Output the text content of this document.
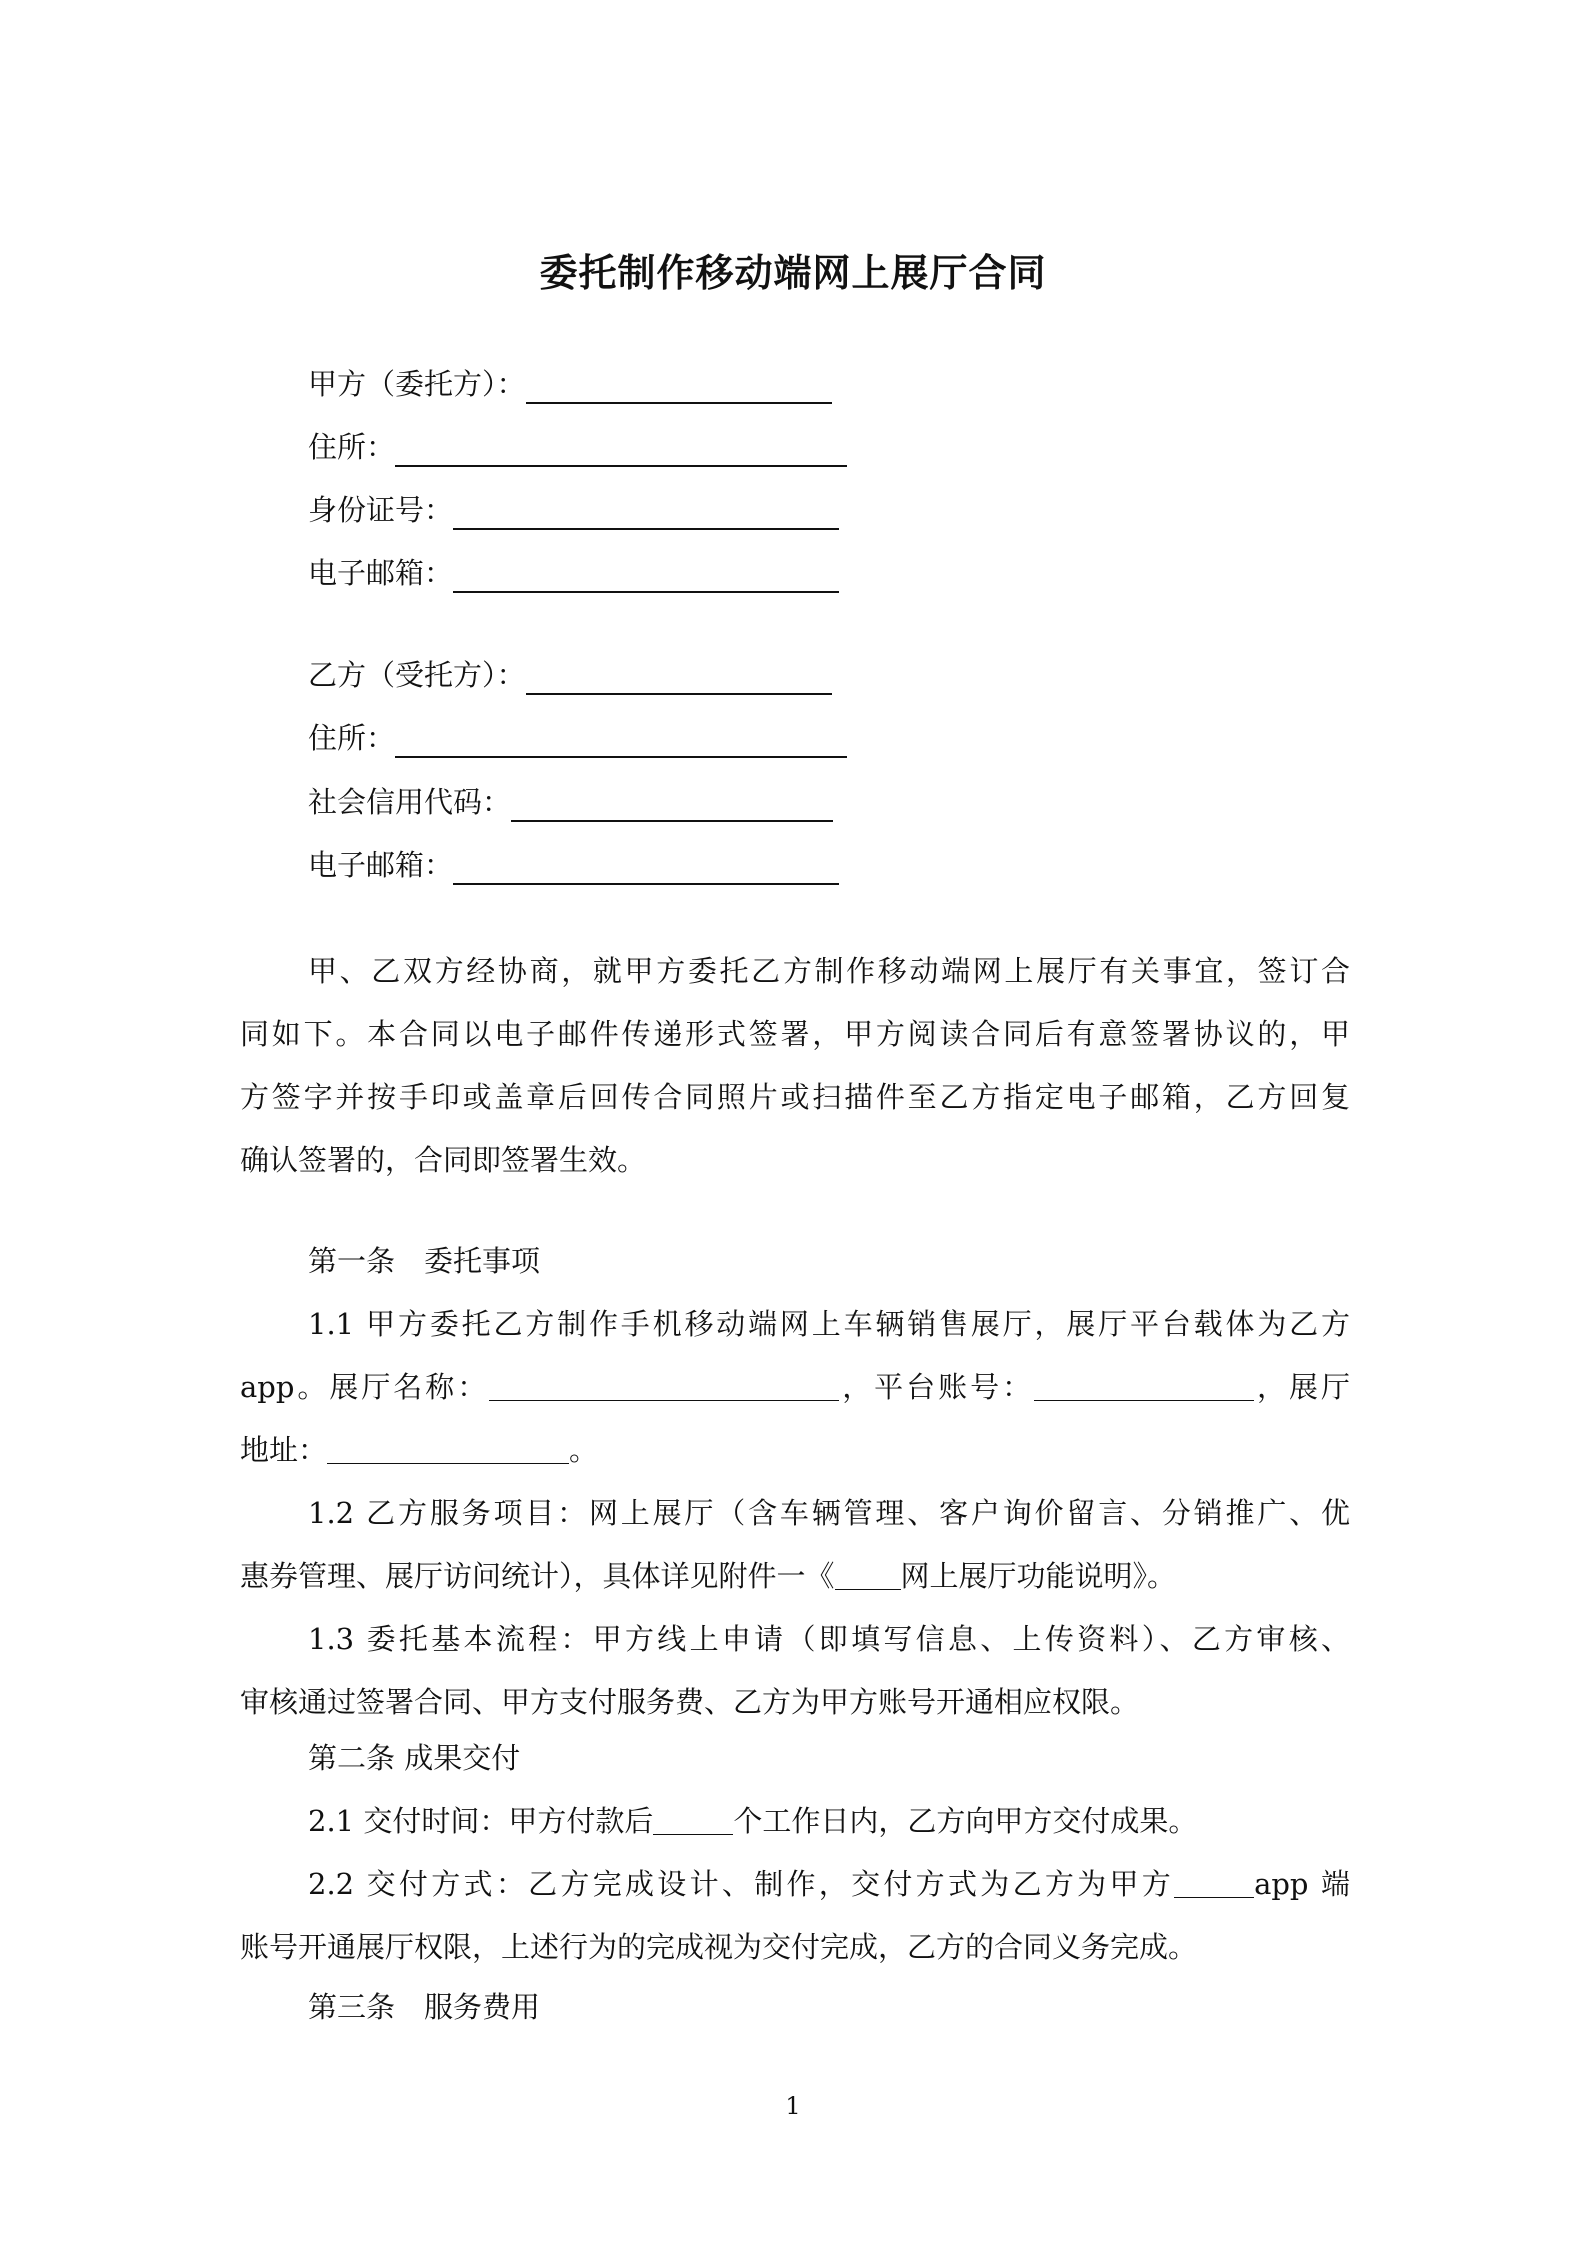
委托制作移动端网上展厅合同
甲方（委托方）：
住所：
身份证号：
电子邮箱：
乙方（受托方）：
住所：
社会信用代码：
电子邮箱：
甲、乙双方经协商，就甲方委托乙方制作移动端网上展厅有关事宜，签订合
同如下。本合同以电子邮件传递形式签署，甲方阅读合同后有意签署协议的，甲
方签字并按手印或盖章后回传合同照片或扫描件至乙方指定电子邮箱，乙方回复
确认签署的，合同即签署生效。
第一条　委托事项
1.1 甲方委托乙方制作手机移动端网上车辆销售展厅，展厅平台载体为乙方
app。展厅名称：	，平台账号：	，展厅
地址：	。
1.2 乙方服务项目：网上展厅（含车辆管理、客户询价留言、分销推广、优
惠券管理、展厅访问统计），具体详见附件一《 网上展厅功能说明》。
1.3 委托基本流程：甲方线上申请（即填写信息、上传资料）、乙方审核、
审核通过签署合同、甲方支付服务费、乙方为甲方账号开通相应权限。
第二条 成果交付
2.1 交付时间：甲方付款后	个工作日内，乙方向甲方交付成果。
2.2 交付方式：乙方完成设计、制作，交付方式为乙方为甲方	app 端
账号开通展厅权限，上述行为的完成视为交付完成，乙方的合同义务完成。
第三条　服务费用
1
